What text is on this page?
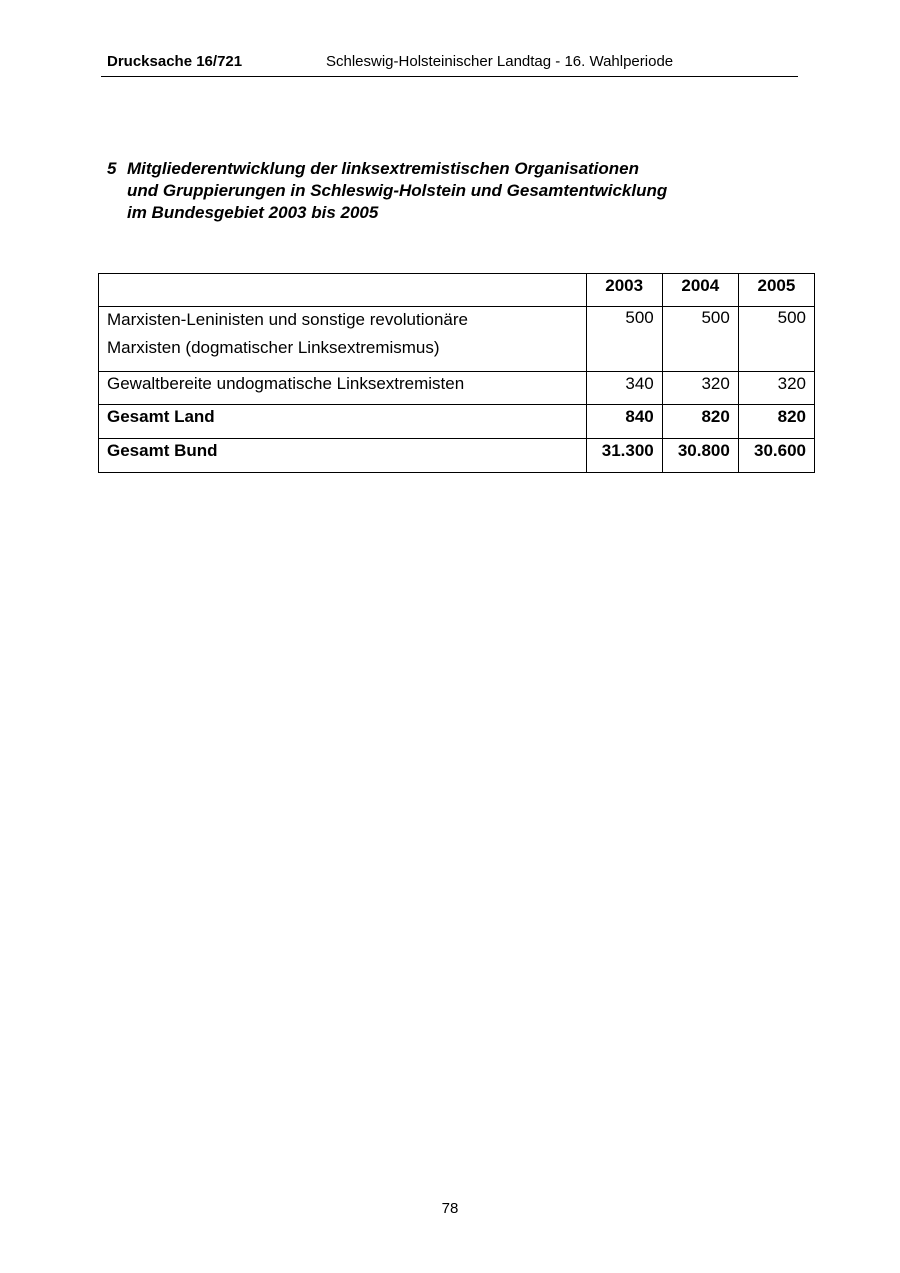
Drucksache 16/721	Schleswig-Holsteinischer Landtag - 16. Wahlperiode
5 Mitgliederentwicklung der linksextremistischen Organisationen
und Gruppierungen in Schleswig-Holstein und Gesamtentwicklung
im Bundesgebiet 2003 bis 2005
	2003	2004	2005

Marxisten-Leninisten und sonstige revolutionäre
Marxisten (dogmatischer Linksextremismus)	500	500	500
Gewaltbereite undogmatische Linksextremisten	340	320	320
Gesamt Land	840	820	820
Gesamt Bund	31.300	30.800	30.600
78
